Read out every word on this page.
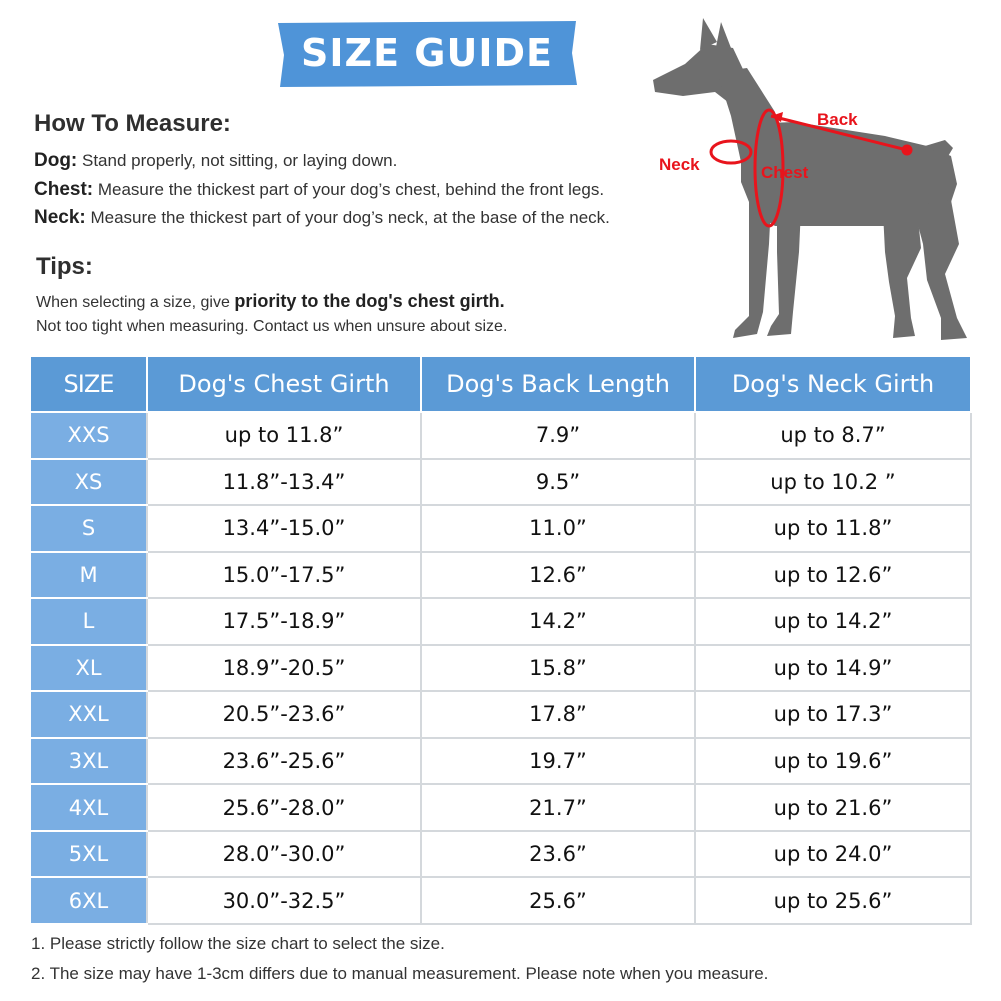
SIZE GUIDE
How To Measure:
Dog: Stand properly, not sitting, or laying down.
Chest: Measure the thickest part of your dog’s chest, behind the front legs.
Neck: Measure the thickest part of your dog’s neck, at the base of the neck.
Tips:
When selecting a size, give priority to the dog's chest girth.
Not too tight when measuring. Contact us when unsure about size.
Back
Neck	Chest
SIZE	Dog's Chest Girth	Dog's Back Length	Dog's Neck Girth
XXS	up to 11.8”	7.9”	up to 8.7”
XS	11.8”-13.4”	9.5”	up to 10.2 ”
S	13.4”-15.0”	11.0”	up to 11.8”
M	15.0”-17.5”	12.6”	up to 12.6”
L	17.5”-18.9”	14.2”	up to 14.2”
XL	18.9”-20.5”	15.8”	up to 14.9”
XXL	20.5”-23.6”	17.8”	up to 17.3”
3XL	23.6”-25.6”	19.7”	up to 19.6”
4XL	25.6”-28.0”	21.7”	up to 21.6”
5XL	28.0”-30.0”	23.6”	up to 24.0”
6XL	30.0”-32.5”	25.6”	up to 25.6”
1. Please strictly follow the size chart to select the size.
2. The size may have 1-3cm differs due to manual measurement. Please note when you measure.
